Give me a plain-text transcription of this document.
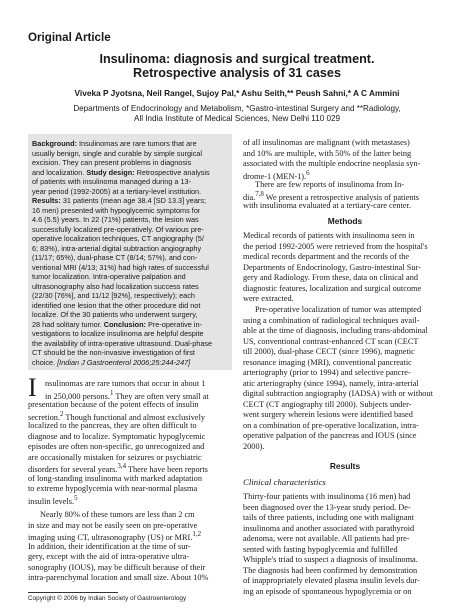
Original Article
Insulinoma: diagnosis and surgical treatment.
Retrospective analysis of 31 cases
Viveka P Jyotsna, Neil Rangel, Sujoy Pal,* Ashu Seith,** Peush Sahni,* A C Ammini
Departments of Endocrinology and Metabolism, *Gastro-intestinal Surgery and **Radiology,
All India Institute of Medical Sciences, New Delhi 110 029
Background: Insulinomas are rare tumors that are
usually benign, single and curable by simple surgical
excision. They can present problems in diagnosis
and localization. Study design: Retrospective analysis
of patients with insulinoma managed during a 13-
year period (1992-2005) at a tertiary-level institution.
Results: 31 patients (mean age 38.4 [SD 13.3] years;
16 men) presented with hypoglycemic symptoms for
4.6 (5.5) years. In 22 (71%) patients, the lesion was
successfully localized pre-operatively. Of various pre-
operative localization techniques, CT angiography (5/
6; 83%), intra-arterial digital subtraction angiography
(11/17; 65%), dual-phase CT (8/14; 57%), and con-
ventional MRI (4/13; 31%) had high rates of successful
tumor localization. Intra-operative palpation and
ultrasonography also had localization success rates
(22/30 [76%], and 11/12 [92%], respectively); each
identified one lesion that the other procedure did not
localize. Of the 30 patients who underwent surgery,
28 had solitary tumor. Conclusion: Pre-operative in-
vestigations to localize insulinoma are helpful despite
the availability of intra-operative ultrasound. Dual-phase
CT should be the non-invasive investigation of first
choice. [Indian J Gastroenterol 2006;25:244-247]
I nsulinomas are rare tumors that occur in about 1
in 250,000 persons.$^1$ They are often very small at
presentation because of the potent effects of insulin
secretion.$^2$ Though functional and almost exclusively
localized to the pancreas, they are often difficult to
diagnose and to localize. Symptomatic hypoglycemic
episodes are often non-specific, go unrecognized and
are occasionally mistaken for seizures or psychiatric
disorders for several years.$^{3,4}$ There have been reports
of long-standing insulinoma with marked adaptation
to extreme hypoglycemia with near-normal plasma
insulin levels.$^5$
Nearly 80% of these tumors are less than 2 cm
in size and may not be easily seen on pre-operative
imaging using CT, ultrasonography (US) or MRI.$^{1,2}$
In addition, their identification at the time of sur-
gery, except with the aid of intra-operative ultra-
sonography (IOUS), may be difficult because of their
intra-parenchymal location and small size. About 10%
Copyright © 2006 by Indian Society of Gastroenterology
of all insulinomas are malignant (with metastases)
and 10% are multiple, with 50% of the latter being
associated with the multiple endocrine neoplasia syn-
drome-1 (MEN-1).$^6$
There are few reports of insulinoma from In-
dia.$^{7,8}$ We present a retrospective analysis of patients
with insulinoma evaluated at a tertiary-care center.
Methods
Medical records of patients with insulinoma seen in
the period 1992-2005 were retrieved from the hospital's
medical records department and the records of the
Departments of Endocrinology, Gastro-intestinal Sur-
gery and Radiology. From these, data on clinical and
diagnostic features, localization and surgical outcome
were extracted.
Pre-operative localization of tumor was attempted
using a combination of radiological techniques avail-
able at the time of diagnosis, including trans-abdominal
US, conventional contrast-enhanced CT scan (CECT
till 2000), dual-phase CECT (since 1996), magnetic
resonance imaging (MRI), conventional pancreatic
arteriography (prior to 1994) and selective pancre-
atic arteriography (since 1994), namely, intra-arterial
digital subtraction angiography (IADSA) with or without
CECT (CT angiography till 2000). Subjects under-
went surgery wherein lesions were identified based
on a combination of pre-operative localization, intra-
operative palpation of the pancreas and IOUS (since
2000).
Results
Clinical characteristics
Thirty-four patients with insulinoma (16 men) had
been diagnosed over the 13-year study period. De-
tails of three patients, including one with malignant
insulinoma and another associated with parathyroid
adenoma, were not available. All patients had pre-
sented with fasting hypoglycemia and fulfilled
Whipple's triad to suspect a diagnosis of insulinoma.
The diagnosis had been confirmed by demonstration
of inappropriately elevated plasma insulin levels dur-
ing an episode of spontaneous hypoglycemia or on
